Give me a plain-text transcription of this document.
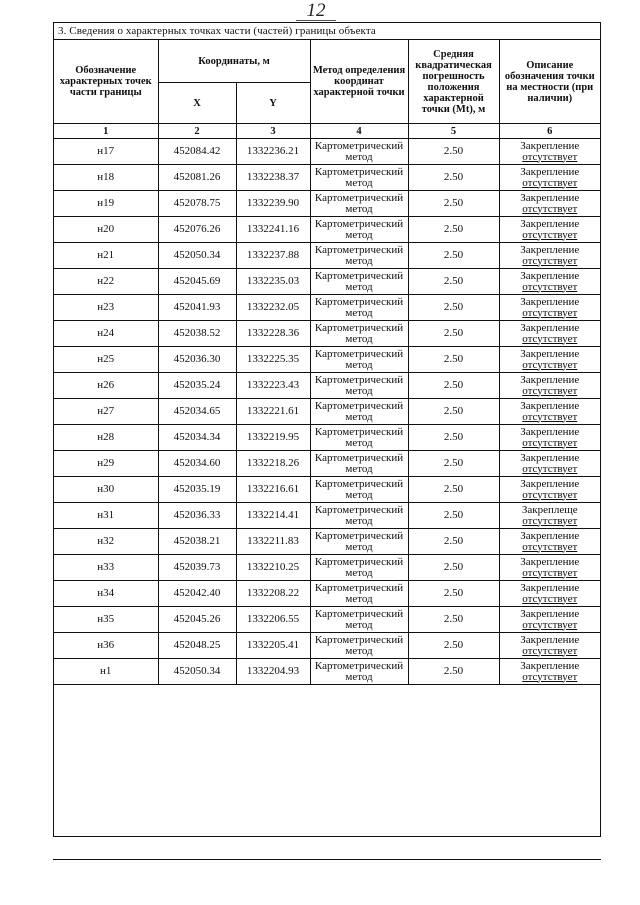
12
3. Сведения о характерных точках части (частей) границы объекта
Обозначение характерных точек части границы	Координаты, м		Метод определения координат характерной точки	Средняя квадратическая погрешность положения характерной точки (Mt), м	Описание обозначения точки на местности (при наличии)
	X	Y			
1	2	3	4	5	6
н17	452084.42	1332236.21	Картометрический метод	2.50	Закрепление
отсутствует
н18	452081.26	1332238.37	Картометрический метод	2.50	Закрепление
отсутствует
н19	452078.75	1332239.90	Картометрический метод	2.50	Закрепление
отсутствует
н20	452076.26	1332241.16	Картометрический метод	2.50	Закрепление
отсутствует
н21	452050.34	1332237.88	Картометрический метод	2.50	Закрепление
отсутствует
н22	452045.69	1332235.03	Картометрический метод	2.50	Закрепление
отсутствует
н23	452041.93	1332232.05	Картометрический метод	2.50	Закрепление
отсутствует
н24	452038.52	1332228.36	Картометрический метод	2.50	Закрепление
отсутствует
н25	452036.30	1332225.35	Картометрический метод	2.50	Закрепление
отсутствует
н26	452035.24	1332223.43	Картометрический метод	2.50	Закрепление
отсутствует
н27	452034.65	1332221.61	Картометрический метод	2.50	Закрепление
отсутствует
н28	452034.34	1332219.95	Картометрический метод	2.50	Закрепление
отсутствует
н29	452034.60	1332218.26	Картометрический метод	2.50	Закрепление
отсутствует
н30	452035.19	1332216.61	Картометрический метод	2.50	Закрепление
отсутствует
н31	452036.33	1332214.41	Картометрический метод	2.50	Закреплеще
отсутствует
н32	452038.21	1332211.83	Картометрический метод	2.50	Закрепление
отсутствует
н33	452039.73	1332210.25	Картометрический метод	2.50	Закрепление
отсутствует
н34	452042.40	1332208.22	Картометрический метод	2.50	Закрепление
отсутствует
н35	452045.26	1332206.55	Картометрический метод	2.50	Закрепление
отсутствует
н36	452048.25	1332205.41	Картометрический метод	2.50	Закрепление
отсутствует
н1	452050.34	1332204.93	Картометрический метод	2.50	Закрепление
отсутствует
